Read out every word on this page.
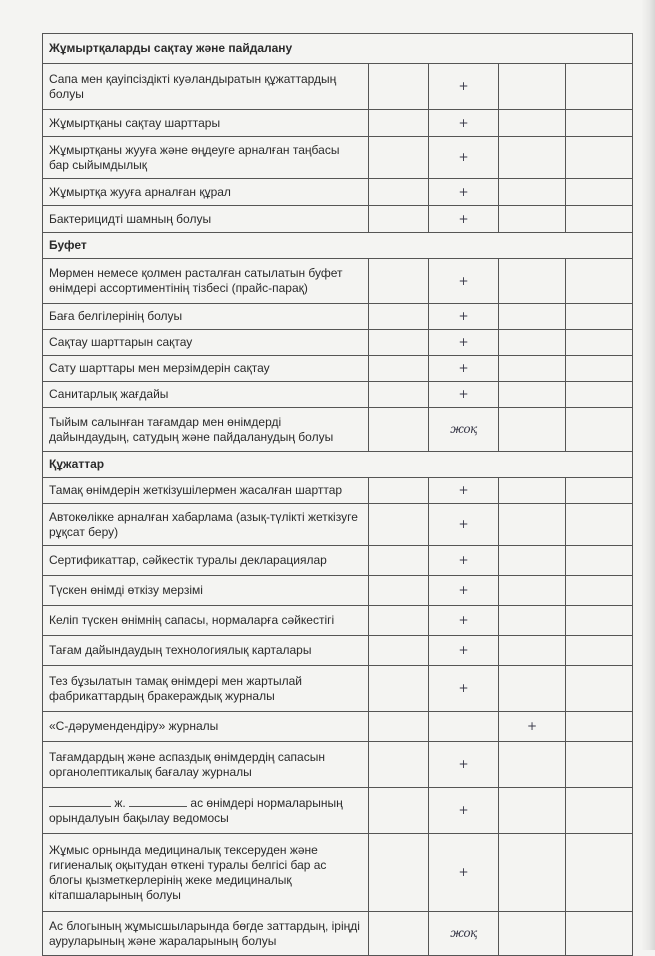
Жұмыртқаларды сақтау және пайдалану				
Сапа мен қауіпсіздікті куәландыратын құжаттардың болуы		+		
Жұмыртқаны сақтау шарттары		+		
Жұмыртқаны жууға және өңдеуге арналған таңбасы бар сыйымдылық		+		
Жұмыртқа жууға арналған құрал		+		
Бактерицидті шамның болуы		+		
Буфет				
Мөрмен немесе қолмен расталған сатылатын буфет өнімдері ассортиментінің тізбесі (прайс-парақ)		+		
Баға белгілерінің болуы		+		
Сақтау шарттарын сақтау		+		
Сату шарттары мен мерзімдерін сақтау		+		
Санитарлық жағдайы		+		
Тыйым салынған тағамдар мен өнімдерді дайындаудың, сатудың және пайдаланудың болуы		жоқ		
Құжаттар				
Тамақ өнімдерін жеткізушілермен жасалған шарттар		+		
Автокөлікке арналған хабарлама (азық-түлікті жеткізуге рұқсат беру)		+		
Сертификаттар, сәйкестік туралы декларациялар		+		
Түскен өнімді өткізу мерзімі		+		
Келіп түскен өнімнің сапасы, нормаларға сәйкестігі		+		
Тағам дайындаудың технологиялық карталары		+		
Тез бұзылатын тамақ өнімдері мен жартылай фабрикаттардың бракераждық журналы		+		
«С-дәрумендендіру» журналы			+	
Тағамдардың және аспаздық өнімдердің сапасын органолептикалық бағалау журналы		+		
ж. ас өнімдері нормаларының
орындалуын бақылау ведомосы		+		
Жұмыс орнында медициналық тексеруден және гигиеналық оқытудан өткені туралы белгісі бар ас блогы қызметкерлерінің жеке медициналық кітапшаларының болуы		+		
Ас блогының жұмысшыларында бөгде заттардың, іріңді ауруларының және жараларының болуы		жоқ		
